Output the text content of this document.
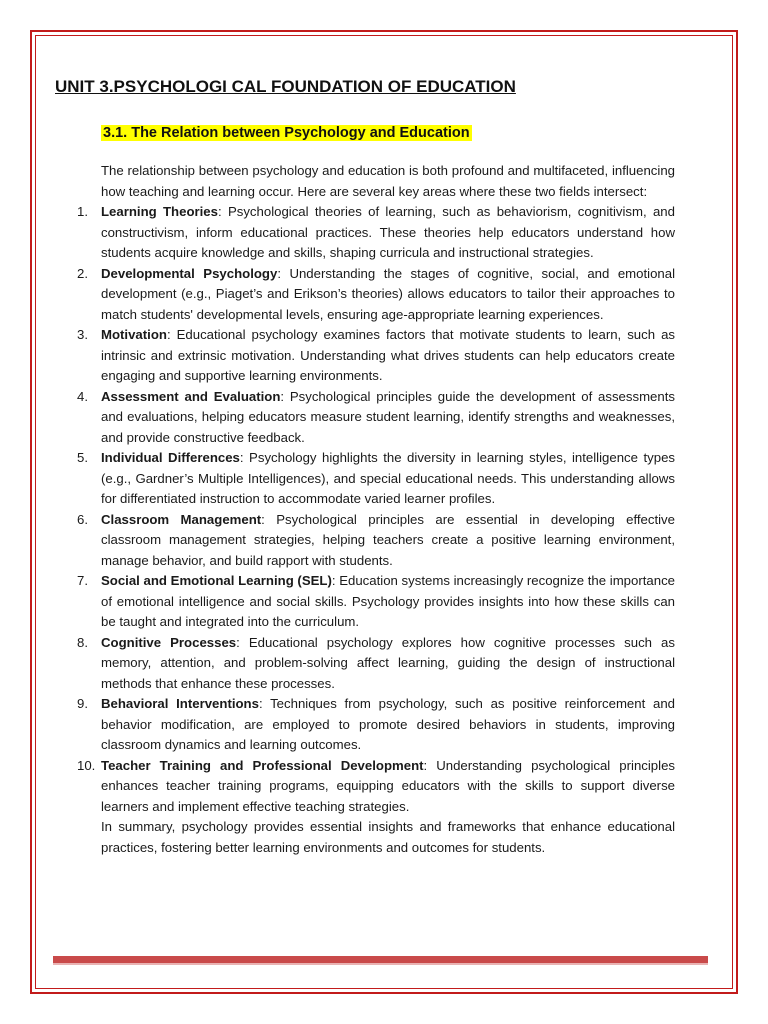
UNIT 3.PSYCHOLOGI CAL FOUNDATION OF EDUCATION
3.1. The Relation between Psychology and Education

The relationship between psychology and education is both profound and multifaceted, influencing how teaching and learning occur. Here are several key areas where these two fields intersect:

1. Learning Theories: Psychological theories of learning, such as behaviorism, cognitivism, and constructivism, inform educational practices. These theories help educators understand how students acquire knowledge and skills, shaping curricula and instructional strategies.
2. Developmental Psychology: Understanding the stages of cognitive, social, and emotional development (e.g., Piaget’s and Erikson’s theories) allows educators to tailor their approaches to match students' developmental levels, ensuring age-appropriate learning experiences.
3. Motivation: Educational psychology examines factors that motivate students to learn, such as intrinsic and extrinsic motivation. Understanding what drives students can help educators create engaging and supportive learning environments.
4. Assessment and Evaluation: Psychological principles guide the development of assessments and evaluations, helping educators measure student learning, identify strengths and weaknesses, and provide constructive feedback.
5. Individual Differences: Psychology highlights the diversity in learning styles, intelligence types (e.g., Gardner’s Multiple Intelligences), and special educational needs. This understanding allows for differentiated instruction to accommodate varied learner profiles.
6. Classroom Management: Psychological principles are essential in developing effective classroom management strategies, helping teachers create a positive learning environment, manage behavior, and build rapport with students.
7. Social and Emotional Learning (SEL): Education systems increasingly recognize the importance of emotional intelligence and social skills. Psychology provides insights into how these skills can be taught and integrated into the curriculum.
8. Cognitive Processes: Educational psychology explores how cognitive processes such as memory, attention, and problem-solving affect learning, guiding the design of instructional methods that enhance these processes.
9. Behavioral Interventions: Techniques from psychology, such as positive reinforcement and behavior modification, are employed to promote desired behaviors in students, improving classroom dynamics and learning outcomes.
10. Teacher Training and Professional Development: Understanding psychological principles enhances teacher training programs, equipping educators with the skills to support diverse learners and implement effective teaching strategies.

In summary, psychology provides essential insights and frameworks that enhance educational practices, fostering better learning environments and outcomes for students.
